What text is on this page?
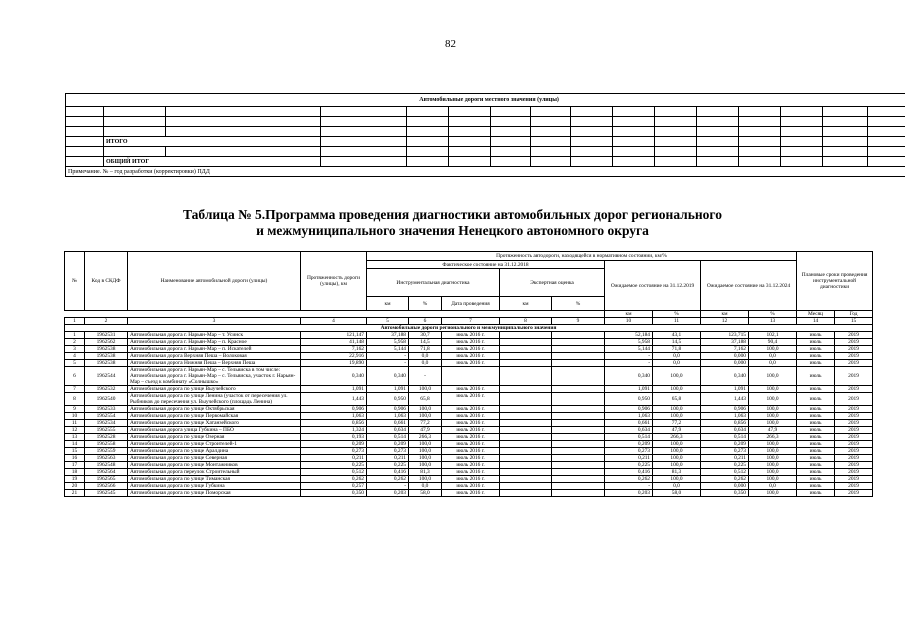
82
Автомобильные дороги местного значения (улицы)															

	ИТОГО														

	ОБЩИЙ ИТОГ														
Примечание. № – год разработки (корректировки) ПДД															
Таблица № 5.Программа проведения диагностики автомобильных дорог регионального
и межмуниципального значения Ненецкого автономного округа
№	Код в СКДФ	Наименование автомобильной дороги (улицы)	Протяженность дороги (улицы), км	Протяженность автодороги, находящейся в нормативном состоянии, км/%									Плановые сроки проведения инструментальной диагностики	
				Фактическое состояние на 31.12.2018					Ожидаемое состояние на 31.12.2019		Ожидаемое состояние на 31.12.2024			
				Инструментальная диагностика			Экспертная оценка							
				км	%	Дата проведения	км	%						
									км	%	км	%	Месяц	Год
1	2	3	4	5	6	7	8	9	10	11	12	13	14	15
Автомобильные дороги регионального и межмуниципального значения														
1	1962531	Автомобильная дорога г. Нарьян-Мар – т. Усинск	121,147	37,188	30,7	июль 2016 г.			52,184	43,1	123,715	102,1	июль	2019
2	1962562	Автомобильная дорога г. Нарьян-Мар – п. Красное	41,148	5,958	14,5	июль 2016 г.			5,958	14,5	37,188	90,4	июль	2019
3	1962538	Автомобильная дорога г. Нарьян-Мар – п. Искателей	7,162	5,144	71,8	июль 2016 г.			5,144	71,8	7,162	100,0	июль	2019
4	1962538	Автомобильная дорога Верхняя Пеша – Волоковая	22,916	-	0,0	июль 2016 г.			-	0,0	0,000	0,0	июль	2019
5	1962538	Автомобильная дорога Нижняя Пеша – Верхняя Пеша	19,890	-	0,0	июль 2016 г.			-	0,0	0,000	0,0	июль	2019
6	1962544	Автомобильная дорога г. Нарьян-Мар – с. Тельвиска в том числе: Автомобильная дорога г. Нарьян-Мар – с. Тельвиска, участок г. Нарьян-Мар – съезд к комбинату «Солнышко»	0,340	0,340	-				0,340	100,0	0,340	100,0	июль	2019
7	1962532	Автомобильная дорога по улице Выучейского	1,091	1,091	100,0	июль 2016 г.			1,091	100,0	1,091	100,0	июль	2019
8	1962540	Автомобильная дорога по улице Ленина (участок от пересечения ул. Рыбников до пересечения ул. Выучейского (площадь Ленина)	1,443	0,950	65,8	июль 2016 г.			0,950	65,8	1,443	100,0	июль	2019
9	1962533	Автомобильная дорога по улице Октябрьская	0,906	0,906	100,0	июль 2016 г.			0,906	100,0	0,906	100,0	июль	2019
10	1962554	Автомобильная дорога по улице Первомайская	1,063	1,063	100,0	июль 2016 г.			1,063	100,0	1,063	100,0	июль	2019
11	1962534	Автомобильная дорога по улице Хатанзейского	0,856	0,661	77,2	июль 2016 г.			0,661	77,2	0,856	100,0	июль	2019
12	1962555	Автомобильная дорога улица Губкина – ПБО	1,324	0,634	47,9	июль 2016 г.			0,634	47,9	0,634	47,9	июль	2019
13	1962528	Автомобильная дорога по улице Озерная	0,193	0,514	266,3	июль 2016 г.			0,514	266,3	0,514	266,3	июль	2019
14	1962558	Автомобильная дорога по улице Строителей-1	0,209	0,209	100,0	июль 2016 г.			0,209	100,0	0,209	100,0	июль	2019
15	1962559	Автомобильная дорога по улице Аралдина	0,273	0,273	100,0	июль 2016 г.			0,273	100,0	0,273	100,0	июль	2019
16	1962563	Автомобильная дорога по улице Северная	0,211	0,211	100,0	июль 2016 г.			0,211	100,0	0,211	100,0	июль	2019
17	1962548	Автомобильная дорога по улице Монтажников	0,225	0,225	100,0	июль 2016 г.			0,225	100,0	0,225	100,0	июль	2019
18	1962564	Автомобильная дорога переулок Строительный	0,512	0,416	81,3	июль 2016 г.			0,416	81,3	0,512	100,0	июль	2019
19	1962565	Автомобильная дорога по улице Тиманская	0,262	0,262	100,0	июль 2016 г.			0,262	100,0	0,262	100,0	июль	2019
20	1962566	Автомобильная дорога по улице Губкина	0,257	-	0,0	июль 2016 г.			-	0,0	0,000	0,0	июль	2019
21	1962545	Автомобильная дорога по улице Поморская	0,350	0,203	58,0	июль 2016 г.			0,203	58,0	0,350	100,0	июль	2019
